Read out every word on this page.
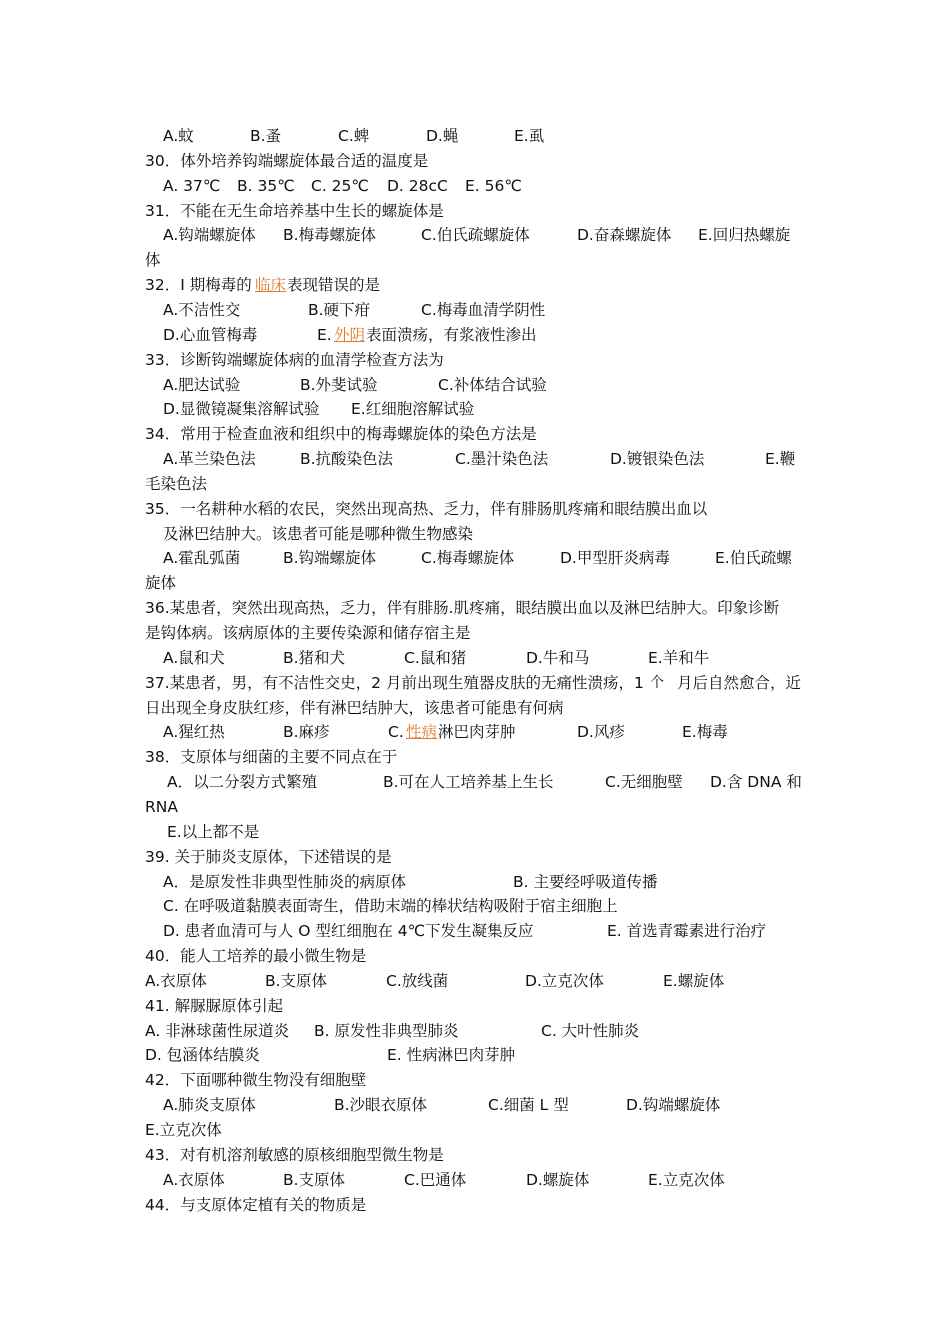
A.蚊	B.蚤	C.蜱	D.蝇	E.虱
30．体外培养钩端螺旋体最合适的温度是
A. 37℃ B. 35℃ C. 25℃ D. 28cC E. 56℃
31．不能在无生命培养基中生长的螺旋体是
A.钩端螺旋体 B.梅毒螺旋体	C.伯氏疏螺旋体	D.奋森螺旋体 E.回归热螺旋
体
32．I 期梅毒的 临床 表现错误的是
A.不洁性交	B.硬下疳	C.梅毒血清学阴性
D.心血管梅毒	E. 外阴 表面溃疡，有浆液性渗出
33．诊断钩端螺旋体病的血清学检查方法为
A.肥达试验	B.外斐试验	C.补体结合试验
D.显微镜凝集溶解试验 E.红细胞溶解试验
34．常用于检查血液和组织中的梅毒螺旋体的染色方法是
A.革兰染色法	B.抗酸染色法	C.墨汁染色法	D.镀银染色法	E.鞭
毛染色法
35．一名耕种水稻的农民，突然出现高热、乏力，伴有腓肠肌疼痛和眼结膜出血以
及淋巴结肿大。该患者可能是哪种微生物感染
A.霍乱弧菌	B.钩端螺旋体	C.梅毒螺旋体	D.甲型肝炎病毒	E.伯氏疏螺
旋体
36.某患者，突然出现高热，乏力，伴有腓肠.肌疼痛，眼结膜出血以及淋巴结肿大。印象诊断
是钩体病。该病原体的主要传染源和储存宿主是
A.鼠和犬	B.猪和犬	C.鼠和猪	D.牛和马	E.羊和牛
37.某患者，男，有不洁性交史，2 月前出现生殖器皮肤的无痛性溃疡，1 个 月后自然愈合，近
日出现全身皮肤红疹，伴有淋巴结肿大，该患者可能患有何病
A.猩红热	B.麻疹	C. 性病 淋巴肉芽肿	D.风疹	E.梅毒
38．支原体与细菌的主要不同点在于
A．以二分裂方式繁殖	B.可在人工培养基上生长	C.无细胞壁 D.含 DNA 和
RNA
E.以上都不是
39. 关于肺炎支原体，下述错误的是
A．是原发性非典型性肺炎的病原体	B. 主要经呼吸道传播
C. 在呼吸道黏膜表面寄生，借助末端的棒状结构吸附于宿主细胞上
D. 患者血清可与人 O 型红细胞在 4℃下发生凝集反应	E. 首选青霉素进行治疗
40．能人工培养的最小微生物是
A.衣原体	B.支原体	C.放线菌	D.立克次体	E.螺旋体
41. 解脲脲原体引起
A. 非淋球菌性尿道炎 B. 原发性非典型肺炎	C. 大叶性肺炎
D. 包涵体结膜炎	E. 性病淋巴肉芽肿
42．下面哪种微生物没有细胞壁
A.肺炎支原体	B.沙眼衣原体	C.细菌 L 型	D.钩端螺旋体
E.立克次体
43．对有机溶剂敏感的原核细胞型微生物是
A.衣原体	B.支原体	C.巴通体	D.螺旋体	E.立克次体
44．与支原体定植有关的物质是
